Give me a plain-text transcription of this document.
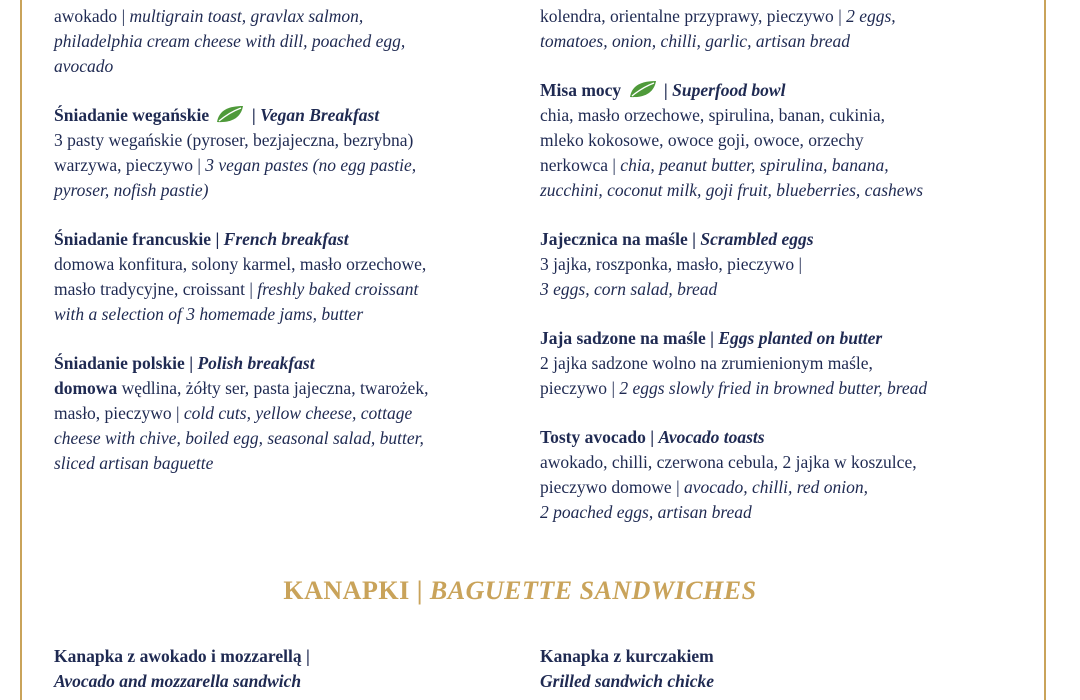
awokado | multigrain toast, gravlax salmon,
philadelphia cream cheese with dill, poached egg,
avocado
Śniadanie wegańskie  | Vegan Breakfast
3 pasty wegańskie (pyroser, bezjajeczna, bezrybna)
warzywa, pieczywo | 3 vegan pastes (no egg pastie,
pyroser, nofish pastie)
Śniadanie francuskie | French breakfast
domowa konfitura, solony karmel, masło orzechowe,
masło tradycyjne, croissant | freshly baked croissant
with a selection of 3 homemade jams, butter
Śniadanie polskie | Polish breakfast
domowa wędlina, żółty ser, pasta jajeczna, twarożek,
masło, pieczywo | cold cuts, yellow cheese, cottage
cheese with chive, boiled egg, seasonal salad, butter,
sliced artisan baguette
kolendra, orientalne przyprawy, pieczywo | 2 eggs,
tomatoes, onion, chilli, garlic, artisan bread
Misa mocy  | Superfood bowl
chia, masło orzechowe, spirulina, banan, cukinia,
mleko kokosowe, owoce goji, owoce, orzechy
nerkowca | chia, peanut butter, spirulina, banana,
zucchini, coconut milk, goji fruit, blueberries, cashews
Jajecznica na maśle | Scrambled eggs
3 jajka, roszponka, masło, pieczywo |
3 eggs, corn salad, bread
Jaja sadzone na maśle | Eggs planted on butter
2 jajka sadzone wolno na zrumienionym maśle,
pieczywo | 2 eggs slowly fried in browned butter, bread
Tosty avocado | Avocado toasts
awokado, chilli, czerwona cebula, 2 jajka w koszulce,
pieczywo domowe | avocado, chilli, red onion,
2 poached eggs, artisan bread
KANAPKI | BAGUETTE SANDWICHES
Kanapka z awokado i mozzarellą |
Avocado and mozzarella sandwich
Kanapka z kurczakiem
Grilled sandwich chicke
